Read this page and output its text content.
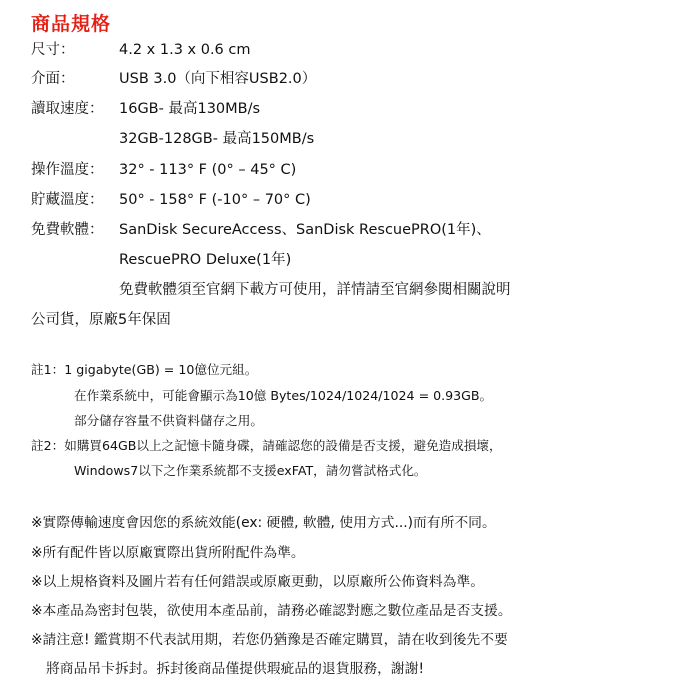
商品規格
尺寸：	4.2 x 1.3 x 0.6 cm
介面：	USB 3.0（向下相容USB2.0）
讀取速度： 16GB- 最高130MB/s
32GB-128GB- 最高150MB/s
操作溫度： 32° - 113° F (0° – 45° C)
貯藏溫度： 50° - 158° F (-10° – 70° C)
免費軟體： SanDisk SecureAccess、SanDisk RescuePRO(1年)、
RescuePRO Deluxe(1年)
免費軟體須至官網下載方可使用，詳情請至官網參閱相關說明
公司貨，原廠5年保固
註1：1 gigabyte(GB) = 10億位元組。
在作業系統中，可能會顯示為10億 Bytes/1024/1024/1024 = 0.93GB。
部分儲存容量不供資料儲存之用。
註2：如購買64GB以上之記憶卡隨身碟，請確認您的設備是否支援，避免造成損壞，
Windows7以下之作業系統都不支援exFAT，請勿嘗試格式化。
※實際傳輸速度會因您的系統效能(ex: 硬體, 軟體, 使用方式...)而有所不同。
※所有配件皆以原廠實際出貨所附配件為準。
※以上規格資料及圖片若有任何錯誤或原廠更動，以原廠所公佈資料為準。
※本產品為密封包裝，欲使用本產品前，請務必確認對應之數位產品是否支援。
※請注意! 鑑賞期不代表試用期，若您仍猶豫是否確定購買，請在收到後先不要
將商品吊卡拆封。拆封後商品僅提供瑕疵品的退貨服務，謝謝!
